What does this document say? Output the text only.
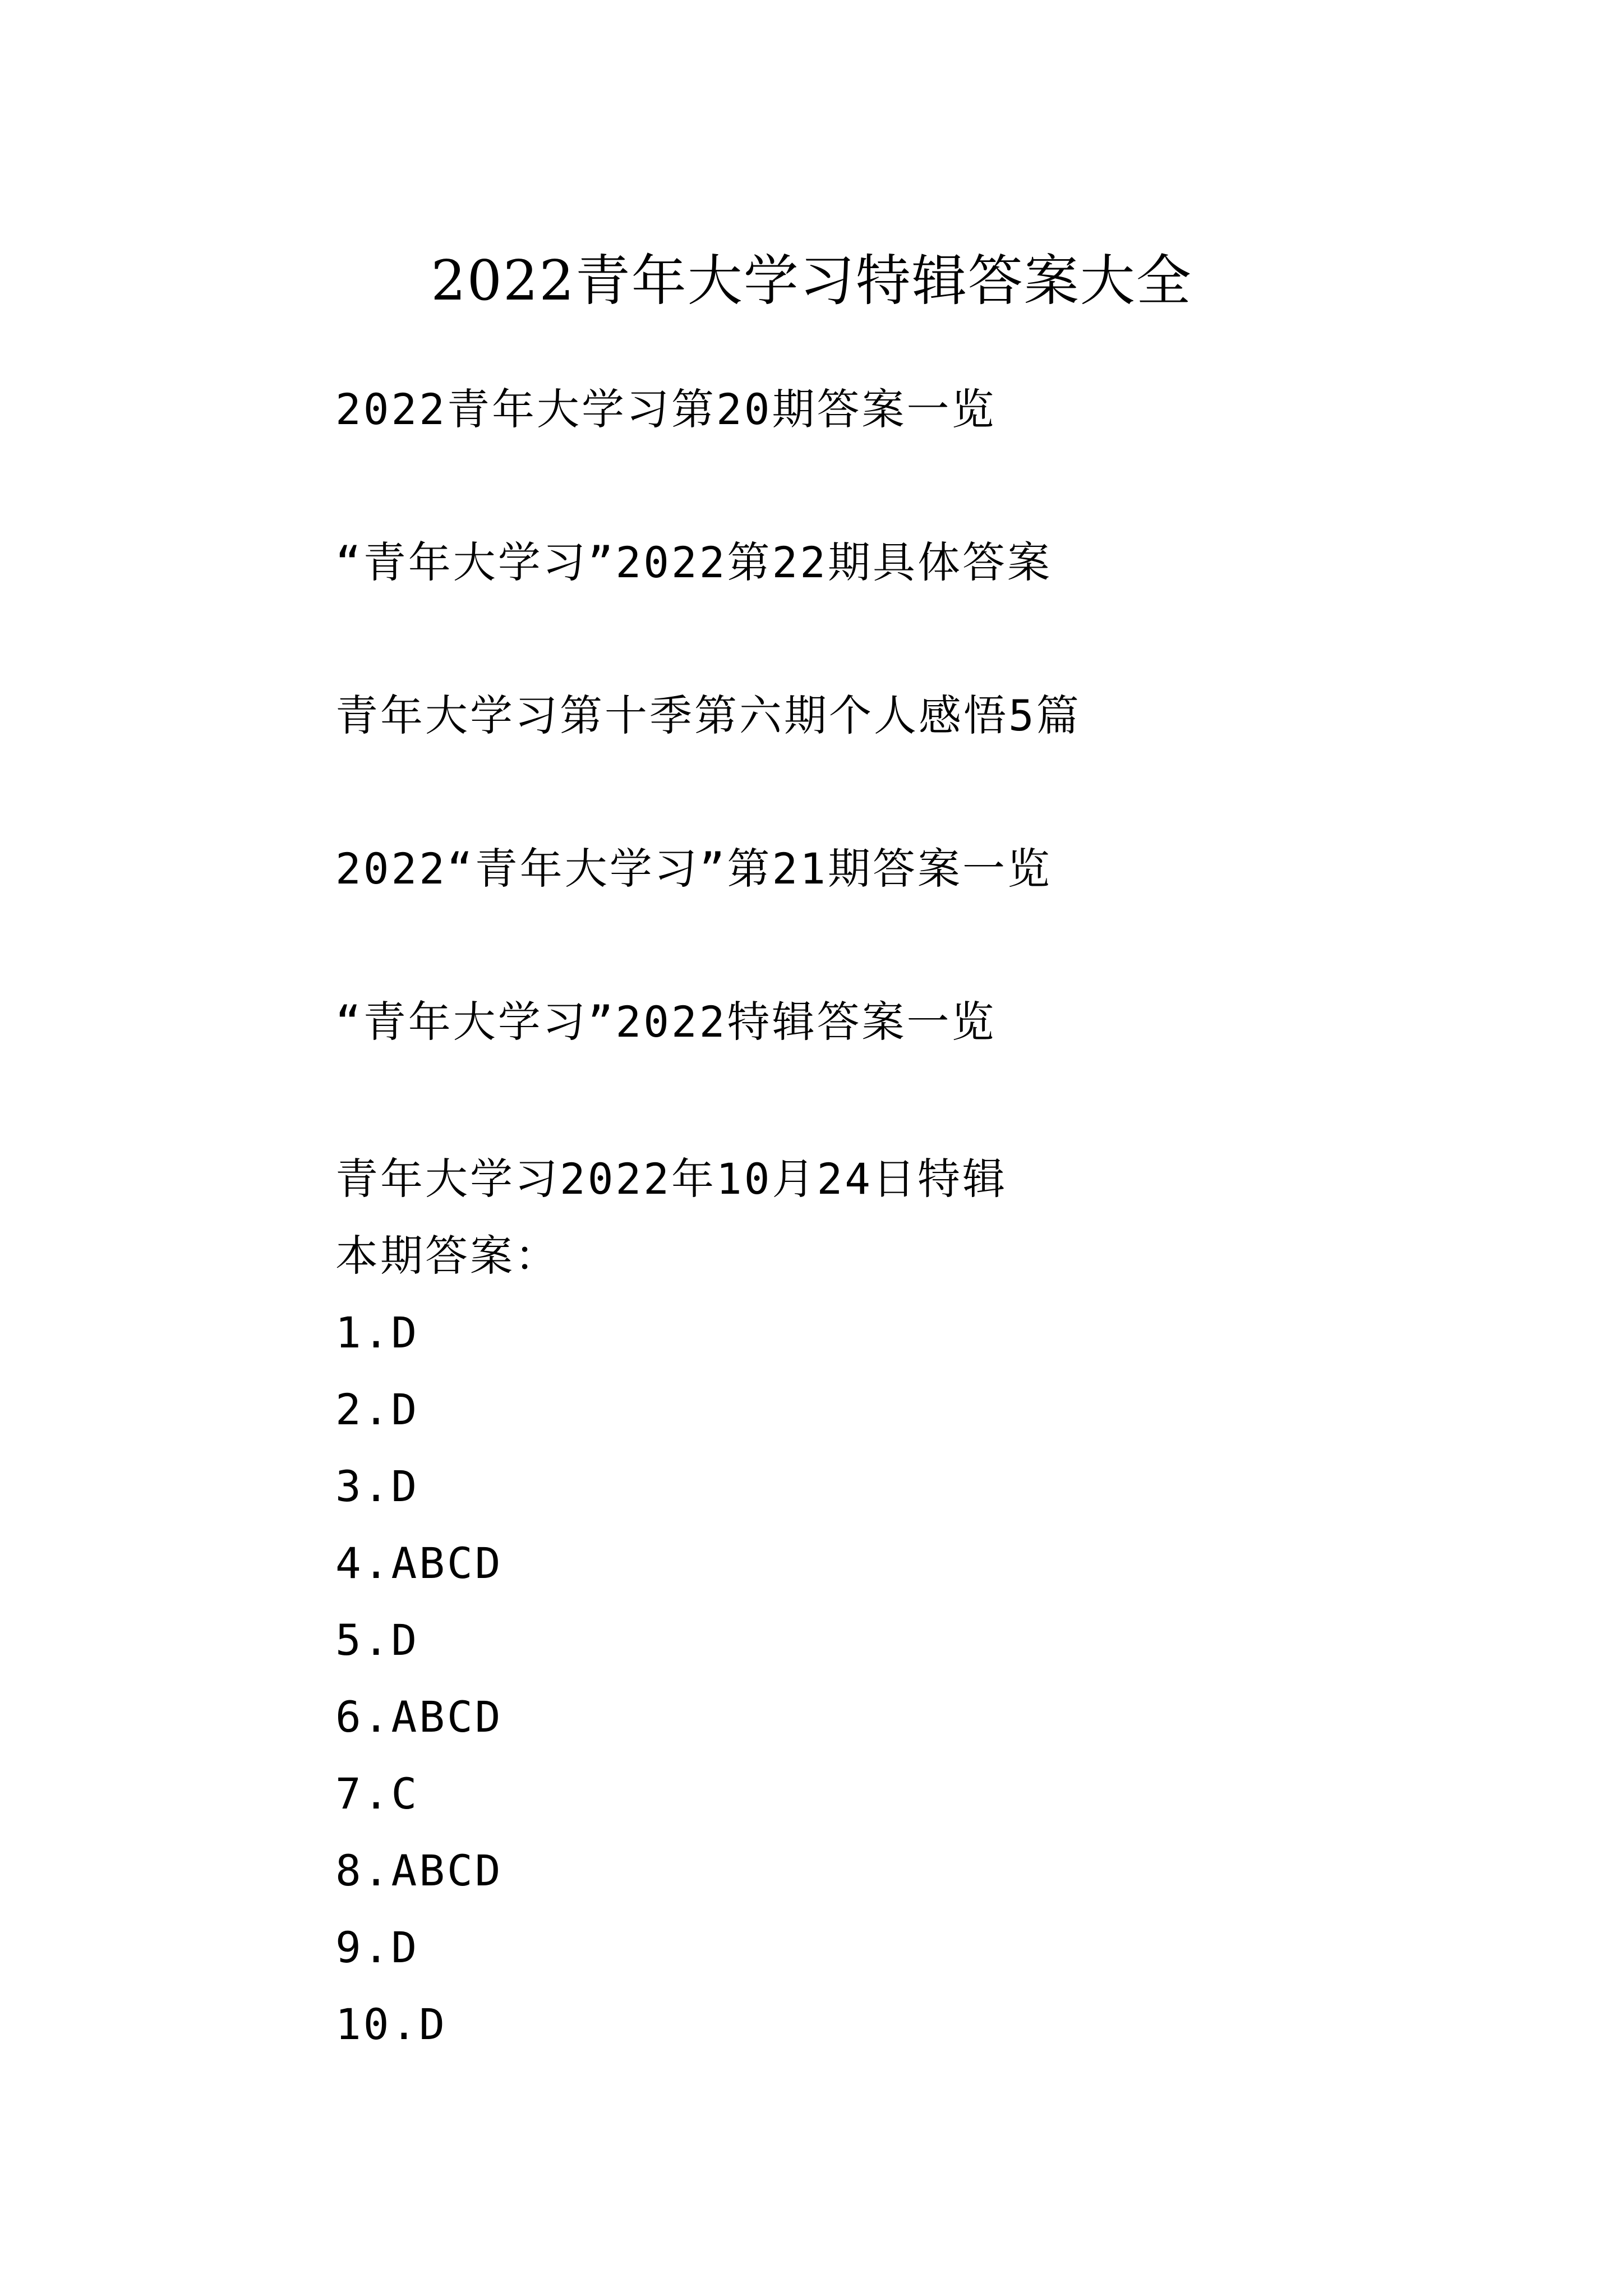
2022青年大学习特辑答案大全
2022青年大学习第20期答案一览
“青年大学习”2022第22期具体答案
青年大学习第十季第六期个人感悟5篇
2022“青年大学习”第21期答案一览
“青年大学习”2022特辑答案一览
青年大学习2022年10月24日特辑
本期答案：
1.D
2.D
3.D
4.ABCD
5.D
6.ABCD
7.C
8.ABCD
9.D
10.D
